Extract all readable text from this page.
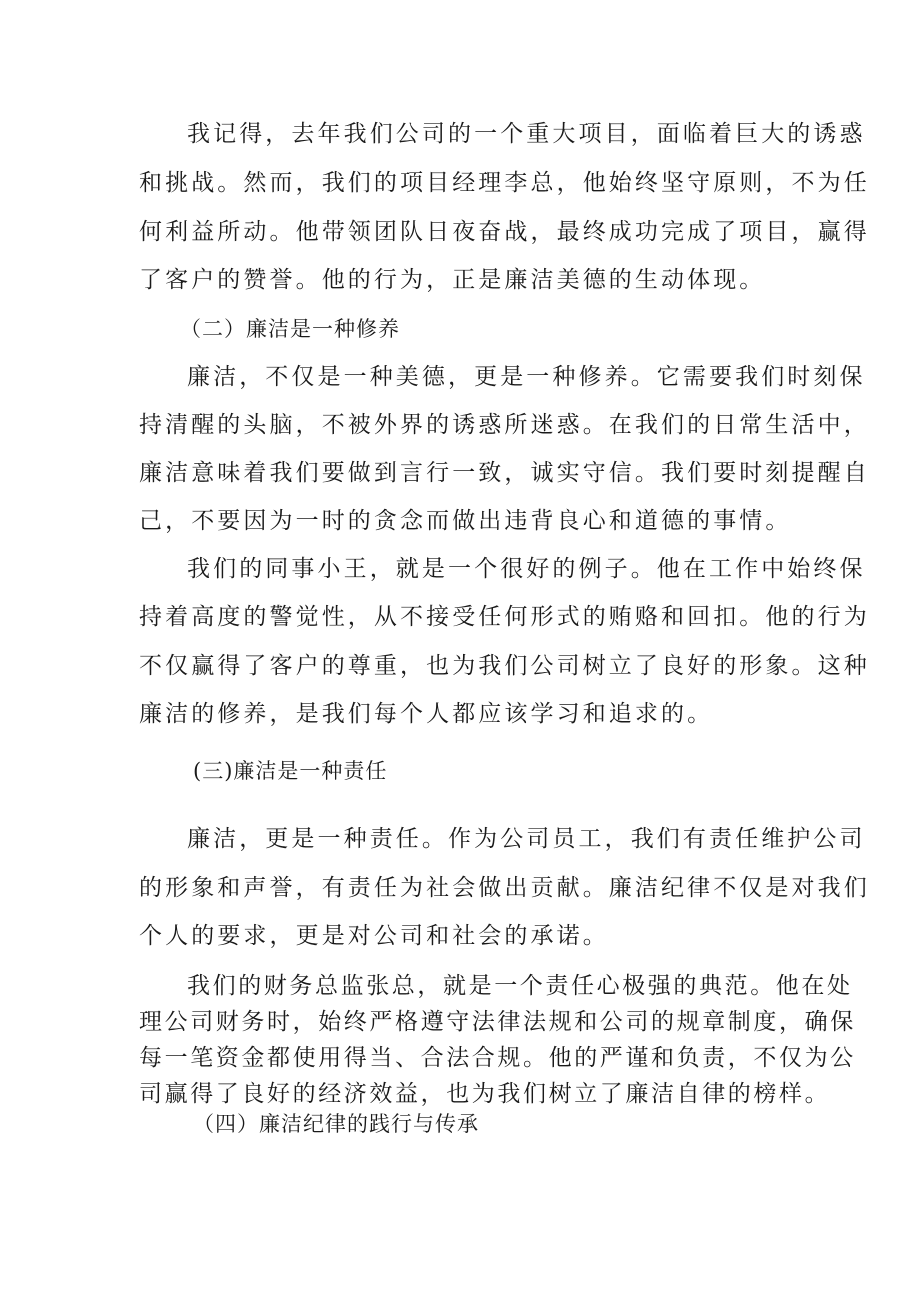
我记得，去年我们公司的一个重大项目，面临着巨大的诱惑
和挑战。然而，我们的项目经理李总，他始终坚守原则，不为任
何利益所动。他带领团队日夜奋战，最终成功完成了项目，赢得
了客户的赞誉。他的行为，正是廉洁美德的生动体现。
（二）廉洁是一种修养
廉洁，不仅是一种美德，更是一种修养。它需要我们时刻保
持清醒的头脑，不被外界的诱惑所迷惑。在我们的日常生活中，
廉洁意味着我们要做到言行一致，诚实守信。我们要时刻提醒自
己，不要因为一时的贪念而做出违背良心和道德的事情。
我们的同事小王，就是一个很好的例子。他在工作中始终保
持着高度的警觉性，从不接受任何形式的贿赂和回扣。他的行为
不仅赢得了客户的尊重，也为我们公司树立了良好的形象。这种
廉洁的修养，是我们每个人都应该学习和追求的。
(三)廉洁是一种责任
廉洁，更是一种责任。作为公司员工，我们有责任维护公司
的形象和声誉，有责任为社会做出贡献。廉洁纪律不仅是对我们
个人的要求，更是对公司和社会的承诺。
我们的财务总监张总，就是一个责任心极强的典范。他在处
理公司财务时，始终严格遵守法律法规和公司的规章制度，确保
每一笔资金都使用得当、合法合规。他的严谨和负责，不仅为公
司赢得了良好的经济效益，也为我们树立了廉洁自律的榜样。
（四）廉洁纪律的践行与传承
